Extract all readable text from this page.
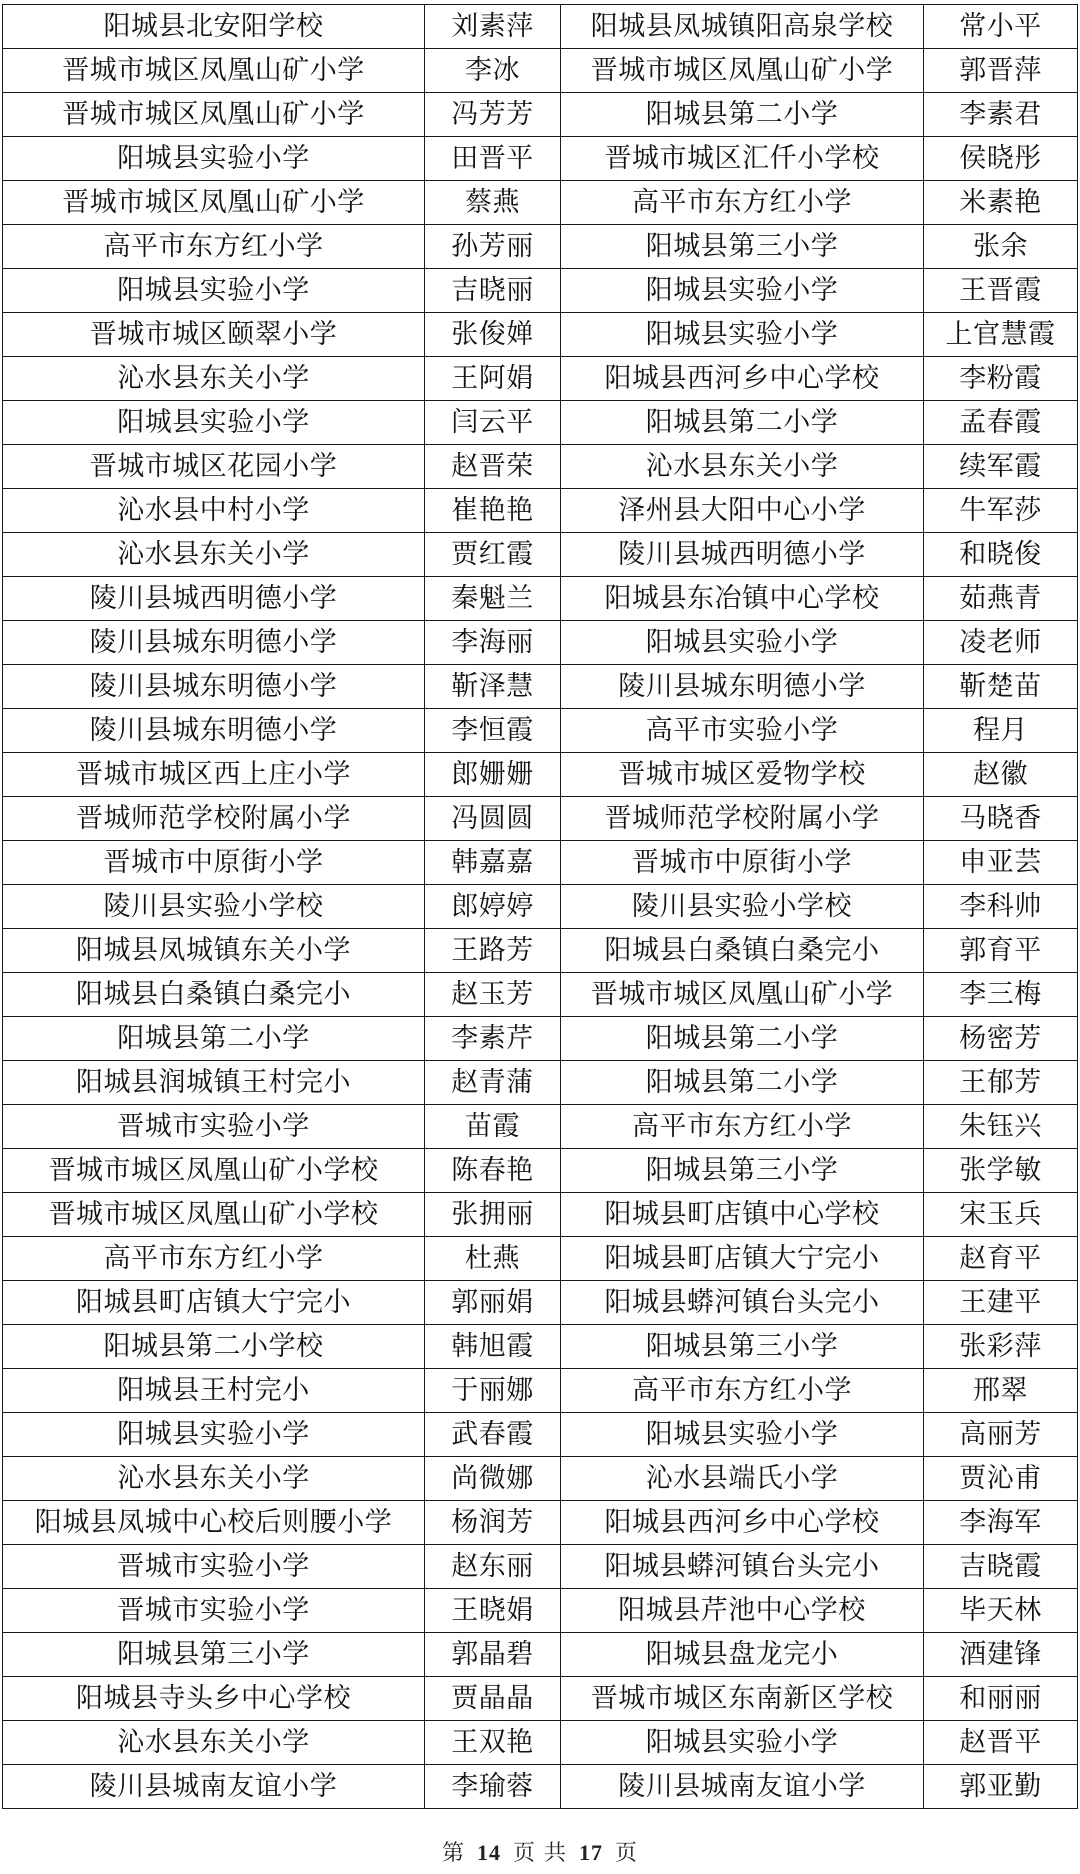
阳城县北安阳学校	刘素萍	阳城县凤城镇阳高泉学校	常小平
晋城市城区凤凰山矿小学	李冰	晋城市城区凤凰山矿小学	郭晋萍
晋城市城区凤凰山矿小学	冯芳芳	阳城县第二小学	李素君
阳城县实验小学	田晋平	晋城市城区汇仟小学校	侯晓彤
晋城市城区凤凰山矿小学	蔡燕	高平市东方红小学	米素艳
高平市东方红小学	孙芳丽	阳城县第三小学	张余
阳城县实验小学	吉晓丽	阳城县实验小学	王晋霞
晋城市城区颐翠小学	张俊婵	阳城县实验小学	上官慧霞
沁水县东关小学	王阿娟	阳城县西河乡中心学校	李粉霞
阳城县实验小学	闫云平	阳城县第二小学	孟春霞
晋城市城区花园小学	赵晋荣	沁水县东关小学	续军霞
沁水县中村小学	崔艳艳	泽州县大阳中心小学	牛军莎
沁水县东关小学	贾红霞	陵川县城西明德小学	和晓俊
陵川县城西明德小学	秦魁兰	阳城县东冶镇中心学校	茹燕青
陵川县城东明德小学	李海丽	阳城县实验小学	凌老师
陵川县城东明德小学	靳泽慧	陵川县城东明德小学	靳楚苗
陵川县城东明德小学	李恒霞	高平市实验小学	程月
晋城市城区西上庄小学	郎姗姗	晋城市城区爱物学校	赵徽
晋城师范学校附属小学	冯圆圆	晋城师范学校附属小学	马晓香
晋城市中原街小学	韩嘉嘉	晋城市中原街小学	申亚芸
陵川县实验小学校	郎婷婷	陵川县实验小学校	李科帅
阳城县凤城镇东关小学	王路芳	阳城县白桑镇白桑完小	郭育平
阳城县白桑镇白桑完小	赵玉芳	晋城市城区凤凰山矿小学	李三梅
阳城县第二小学	李素芹	阳城县第二小学	杨密芳
阳城县润城镇王村完小	赵青蒲	阳城县第二小学	王郁芳
晋城市实验小学	苗霞	高平市东方红小学	朱钰兴
晋城市城区凤凰山矿小学校	陈春艳	阳城县第三小学	张学敏
晋城市城区凤凰山矿小学校	张拥丽	阳城县町店镇中心学校	宋玉兵
高平市东方红小学	杜燕	阳城县町店镇大宁完小	赵育平
阳城县町店镇大宁完小	郭丽娟	阳城县蟒河镇台头完小	王建平
阳城县第二小学校	韩旭霞	阳城县第三小学	张彩萍
阳城县王村完小	于丽娜	高平市东方红小学	邢翠
阳城县实验小学	武春霞	阳城县实验小学	高丽芳
沁水县东关小学	尚微娜	沁水县端氏小学	贾沁甫
阳城县凤城中心校后则腰小学	杨润芳	阳城县西河乡中心学校	李海军
晋城市实验小学	赵东丽	阳城县蟒河镇台头完小	吉晓霞
晋城市实验小学	王晓娟	阳城县芹池中心学校	毕天林
阳城县第三小学	郭晶碧	阳城县盘龙完小	酒建锋
阳城县寺头乡中心学校	贾晶晶	晋城市城区东南新区学校	和丽丽
沁水县东关小学	王双艳	阳城县实验小学	赵晋平
陵川县城南友谊小学	李瑜蓉	陵川县城南友谊小学	郭亚勤
第 14 页 共 17 页
